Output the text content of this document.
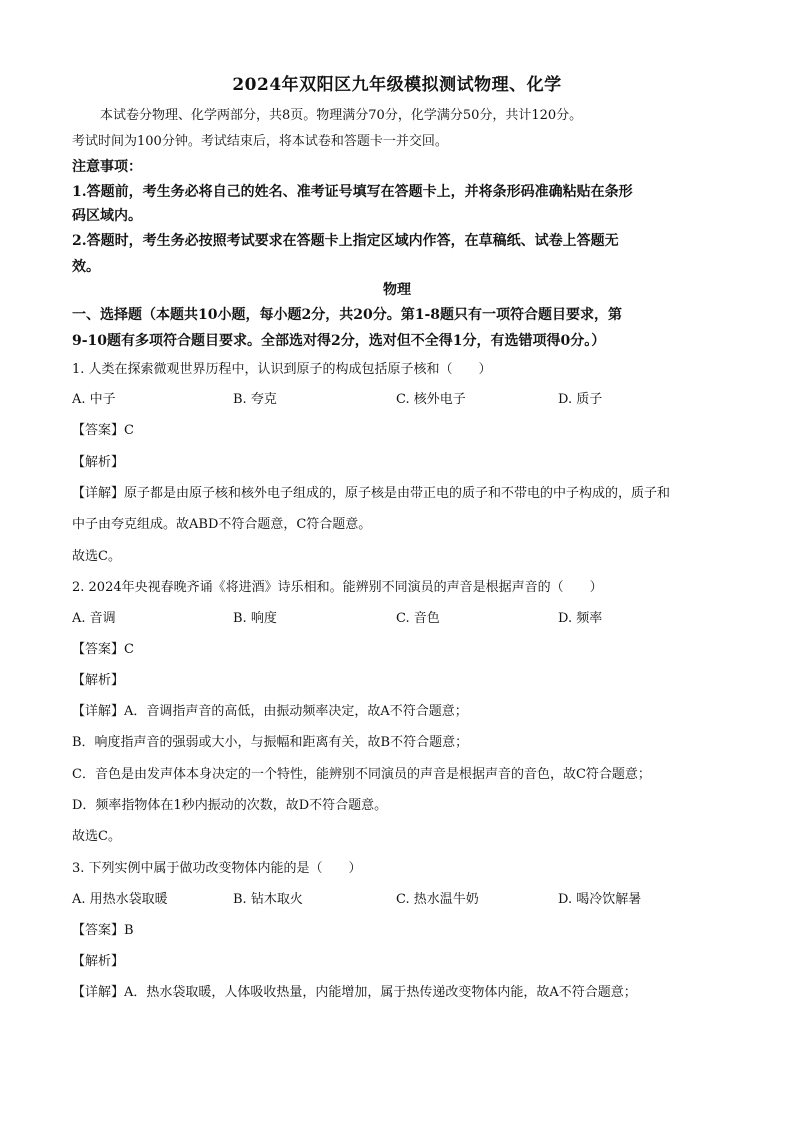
2024年双阳区九年级模拟测试物理、化学
本试卷分物理、化学两部分，共8页。物理满分70分，化学满分50分，共计120分。
考试时间为100分钟。考试结束后，将本试卷和答题卡一并交回。
注意事项：
1.答题前，考生务必将自己的姓名、准考证号填写在答题卡上，并将条形码准确粘贴在条形
码区域内。
2.答题时，考生务必按照考试要求在答题卡上指定区域内作答，在草稿纸、试卷上答题无
效。
物理
一、选择题（本题共10小题，每小题2分，共20分。第1-8题只有一项符合题目要求，第
9-10题有多项符合题目要求。全部选对得2分，选对但不全得1分，有选错项得0分。）
1. 人类在探索微观世界历程中，认识到原子的构成包括原子核和（　　）
A. 中子	B. 夸克	C. 核外电子	D. 质子
【答案】C
【解析】
【详解】原子都是由原子核和核外电子组成的，原子核是由带正电的质子和不带电的中子构成的，质子和
中子由夸克组成。故ABD不符合题意，C符合题意。
故选C。
2. 2024年央视春晚齐诵《将进酒》诗乐相和。能辨别不同演员的声音是根据声音的（　　）
A. 音调	B. 响度	C. 音色	D. 频率
【答案】C
【解析】
【详解】A．音调指声音的高低，由振动频率决定，故A不符合题意；
B．响度指声音的强弱或大小，与振幅和距离有关，故B不符合题意；
C．音色是由发声体本身决定的一个特性，能辨别不同演员的声音是根据声音的音色，故C符合题意；
D．频率指物体在1秒内振动的次数，故D不符合题意。
故选C。
3. 下列实例中属于做功改变物体内能的是（　　）
A. 用热水袋取暖	B. 钻木取火	C. 热水温牛奶	D. 喝冷饮解暑
【答案】B
【解析】
【详解】A．热水袋取暖，人体吸收热量，内能增加，属于热传递改变物体内能，故A不符合题意；
